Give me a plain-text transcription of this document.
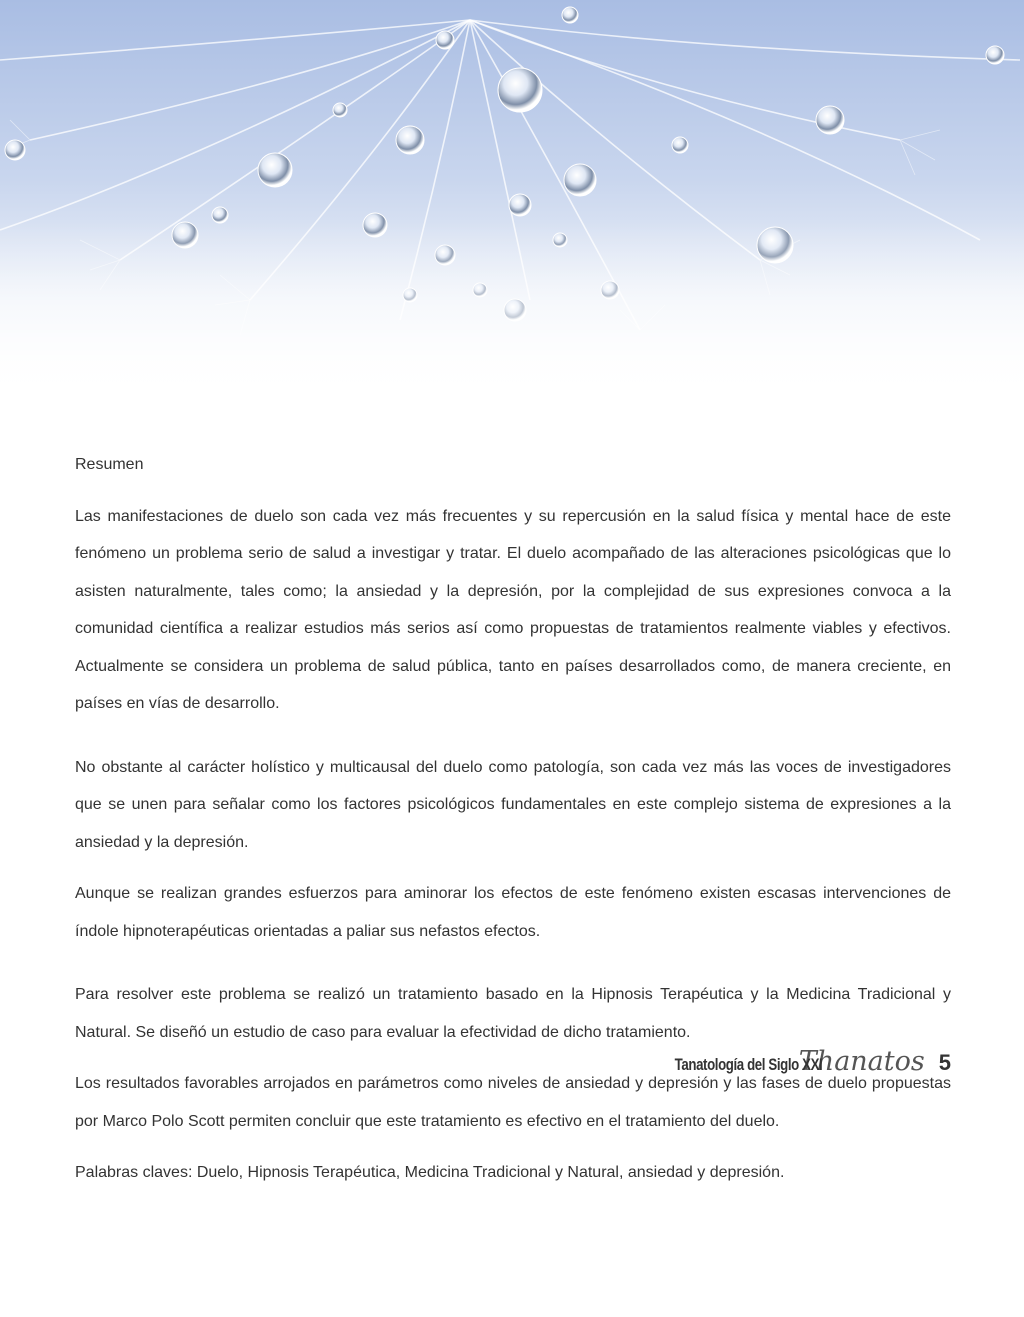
Resumen

Las manifestaciones de duelo son cada vez más frecuentes y su repercusión en la salud física y mental hace de este fenómeno un problema serio de salud a investigar y tratar. El duelo acompañado de las alteraciones psicológicas que lo asisten naturalmente, tales como; la ansiedad y la depresión, por la complejidad de sus expresiones convoca a la comunidad científica a realizar estudios más serios así como propuestas de tratamientos realmente viables y efectivos. Actualmente se considera un problema de salud pública, tanto en países desarrollados como, de manera creciente, en países en vías de desarrollo.

No obstante al carácter holístico y multicausal del duelo como patología, son cada vez más las voces de investigadores que se unen para señalar como los factores psicológicos fundamentales en este complejo sistema de expresiones a la ansiedad y la depresión.

Aunque se realizan grandes esfuerzos para aminorar los efectos de este fenómeno existen escasas intervenciones de índole hipnoterapéuticas orientadas a paliar sus nefastos efectos.

Para resolver este problema se realizó un tratamiento basado en la Hipnosis Terapéutica y la Medicina Tradicional y Natural. Se diseñó un estudio de caso para evaluar la efectividad de dicho tratamiento.

Los resultados favorables arrojados en parámetros como niveles de ansiedad y depresión y las fases de duelo propuestas por Marco Polo Scott permiten concluir que este tratamiento es efectivo en el tratamiento del duelo.

Palabras claves: Duelo, Hipnosis Terapéutica, Medicina Tradicional y Natural, ansiedad y depresión.

Tanatología del Siglo XXI
Thanatos 5
